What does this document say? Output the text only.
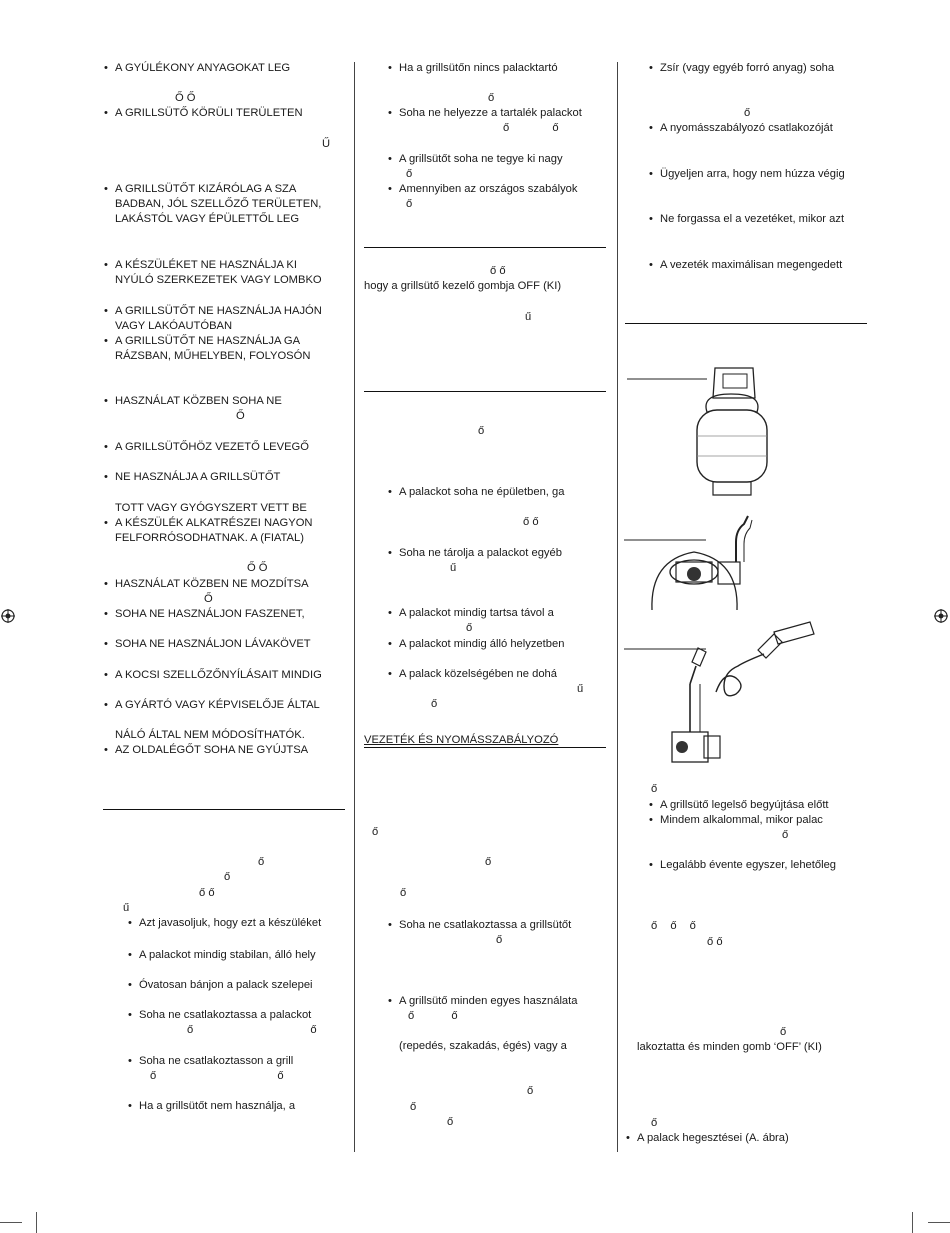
• A GYÚLÉKONY ANYAGOKAT LEG
Ő Ő
• A GRILLSÜTŐ KÖRÜLI TERÜLETEN
Ű
• A GRILLSÜTŐT KIZÁRÓLAG A SZA
BADBAN, JÓL SZELLŐZŐ TERÜLETEN,
LAKÁSTÓL VAGY ÉPÜLETTŐL LEG
• A KÉSZÜLÉKET NE HASZNÁLJA KI
NYÚLÓ SZERKEZETEK VAGY LOMBKO
• A GRILLSÜTŐT NE HASZNÁLJA HAJÓN
VAGY LAKÓAUTÓBAN
• A GRILLSÜTŐT NE HASZNÁLJA GA
RÁZSBAN, MŰHELYBEN, FOLYOSÓN
• HASZNÁLAT KÖZBEN SOHA NE
Ő
• A GRILLSÜTŐHÖZ VEZETŐ LEVEGŐ
• NE HASZNÁLJA A GRILLSÜTŐT
TOTT VAGY GYÓGYSZERT VETT BE
• A KÉSZÜLÉK ALKATRÉSZEI NAGYON
FELFORRÓSODHATNAK. A (FIATAL)
Ő Ő
• HASZNÁLAT KÖZBEN NE MOZDÍTSA
Ő
• SOHA NE HASZNÁLJON FASZENET,
• SOHA NE HASZNÁLJON LÁVAKÖVET
• A KOCSI SZELLŐZŐNYÍLÁSAIT MINDIG
• A GYÁRTÓ VAGY KÉPVISELŐJE ÁLTAL
NÁLÓ ÁLTAL NEM MÓDOSÍTHATÓK.
• AZ OLDALÉGŐT SOHA NE GYÚJTSA
ő
ő
ő ő
ű
• Azt javasoljuk, hogy ezt a készüléket
• A palackot mindig stabilan, álló hely
• Óvatosan bánjon a palack szelepei
• Soha ne csatlakoztassa a palackot
ő ő
• Soha ne csatlakoztasson a grill
ő ő
• Ha a grillsütőt nem használja, a
• Ha a grillsütőn nincs palacktartó
ő
• Soha ne helyezze a tartalék palackot
ő ő
• A grillsütőt soha ne tegye ki nagy
ő
• Amennyiben az országos szabályok
ő
ő ő
hogy a grillsütő kezelő gombja OFF (KI)
ű
ő
• A palackot soha ne épületben, ga
ő ő
• Soha ne tárolja a palackot egyéb
ű
• A palackot mindig tartsa távol a
ő
• A palackot mindig álló helyzetben
• A palack közelségében ne dohá
ű
ő
VEZETÉK ÉS NYOMÁSSZABÁLYOZÓ
ő
ő
ő
• Soha ne csatlakoztassa a grillsütőt
ő
• A grillsütő minden egyes használata
ő ő
(repedés, szakadás, égés) vagy a
ő
ő
ő
• Zsír (vagy egyéb forró anyag) soha
ő
• A nyomásszabályozó csatlakozóját
• Ügyeljen arra, hogy nem húzza végig
• Ne forgassa el a vezetéket, mikor azt
• A vezeték maximálisan megengedett
ő
• A grillsütő legelső begyújtása előtt
• Mindem alkalommal, mikor palac
ő
• Legalább évente egyszer, lehetőleg
ő ő ő
ő ő
ő
lakoztatta és minden gomb ‘OFF’ (KI)
ő
• A palack hegesztései (A. ábra)
